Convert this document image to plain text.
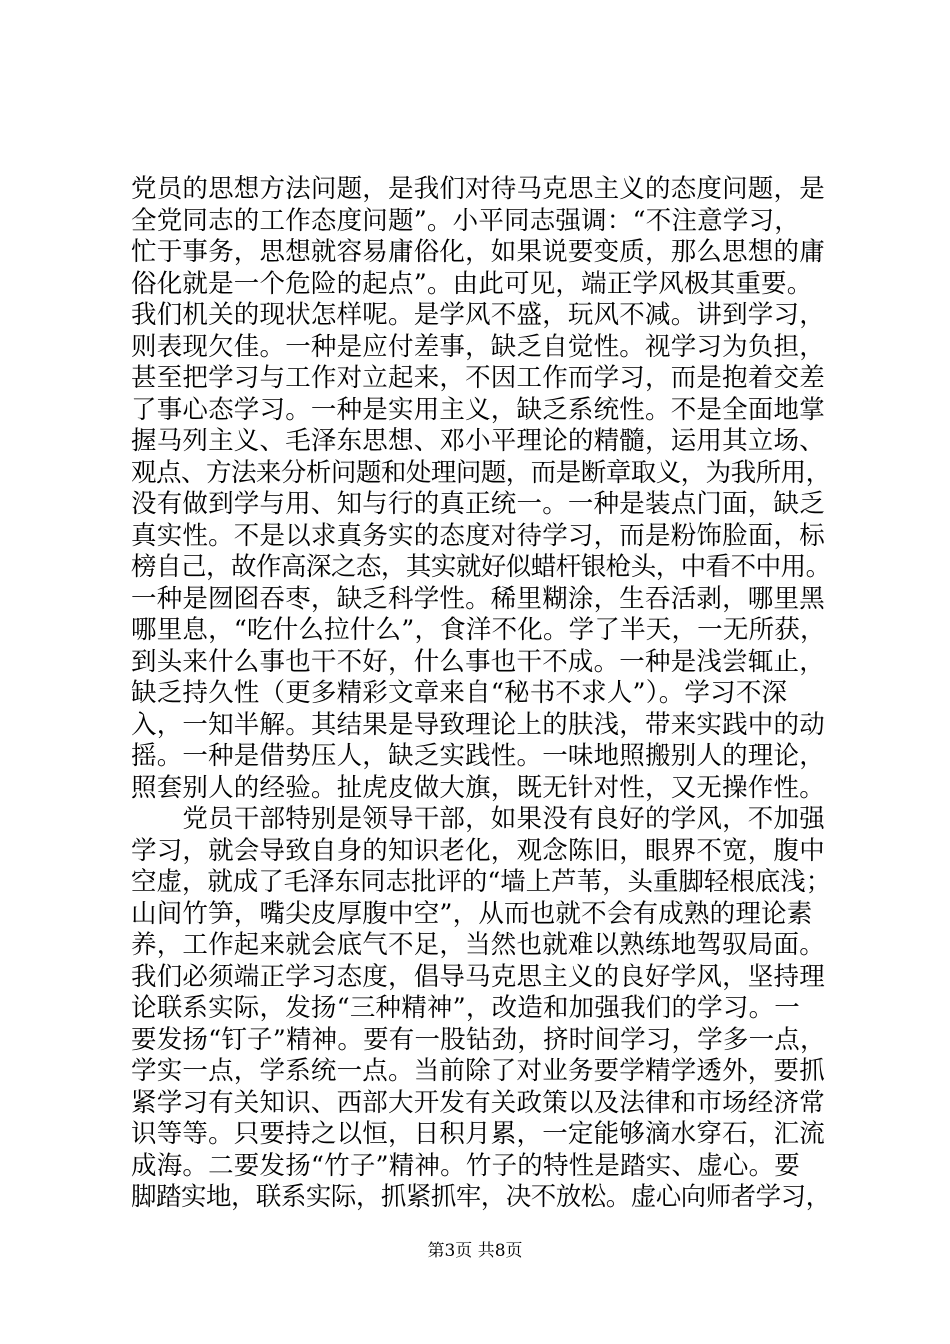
党员的思想方法问题，是我们对待马克思主义的态度问题，是
全党同志的工作态度问题”。小平同志强调：“不注意学习，
忙于事务，思想就容易庸俗化，如果说要变质，那么思想的庸
俗化就是一个危险的起点”。由此可见，端正学风极其重要。
我们机关的现状怎样呢。是学风不盛，玩风不减。讲到学习，
则表现欠佳。一种是应付差事，缺乏自觉性。视学习为负担，
甚至把学习与工作对立起来，不因工作而学习，而是抱着交差
了事心态学习。一种是实用主义，缺乏系统性。不是全面地掌
握马列主义、毛泽东思想、邓小平理论的精髓，运用其立场、
观点、方法来分析问题和处理问题，而是断章取义，为我所用，
没有做到学与用、知与行的真正统一。一种是装点门面，缺乏
真实性。不是以求真务实的态度对待学习，而是粉饰脸面，标
榜自己，故作高深之态，其实就好似蜡杆银枪头，中看不中用。
一种是囫囵吞枣，缺乏科学性。稀里糊涂，生吞活剥，哪里黑
哪里息，“吃什么拉什么”，食洋不化。学了半天，一无所获，
到头来什么事也干不好，什么事也干不成。一种是浅尝辄止，
缺乏持久性（更多精彩文章来自“秘书不求人”）。学习不深
入，一知半解。其结果是导致理论上的肤浅，带来实践中的动
摇。一种是借势压人，缺乏实践性。一味地照搬别人的理论，
照套别人的经验。扯虎皮做大旗，既无针对性，又无操作性。
　　党员干部特别是领导干部，如果没有良好的学风，不加强
学习，就会导致自身的知识老化，观念陈旧，眼界不宽，腹中
空虚，就成了毛泽东同志批评的“墙上芦苇，头重脚轻根底浅；
山间竹笋，嘴尖皮厚腹中空”，从而也就不会有成熟的理论素
养，工作起来就会底气不足，当然也就难以熟练地驾驭局面。
我们必须端正学习态度，倡导马克思主义的良好学风，坚持理
论联系实际，发扬“三种精神”，改造和加强我们的学习。一
要发扬“钉子”精神。要有一股钻劲，挤时间学习，学多一点，
学实一点，学系统一点。当前除了对业务要学精学透外，要抓
紧学习有关知识、西部大开发有关政策以及法律和市场经济常
识等等。只要持之以恒，日积月累，一定能够滴水穿石，汇流
成海。二要发扬“竹子”精神。竹子的特性是踏实、虚心。要
脚踏实地，联系实际，抓紧抓牢，决不放松。虚心向师者学习，
第3页 共8页
